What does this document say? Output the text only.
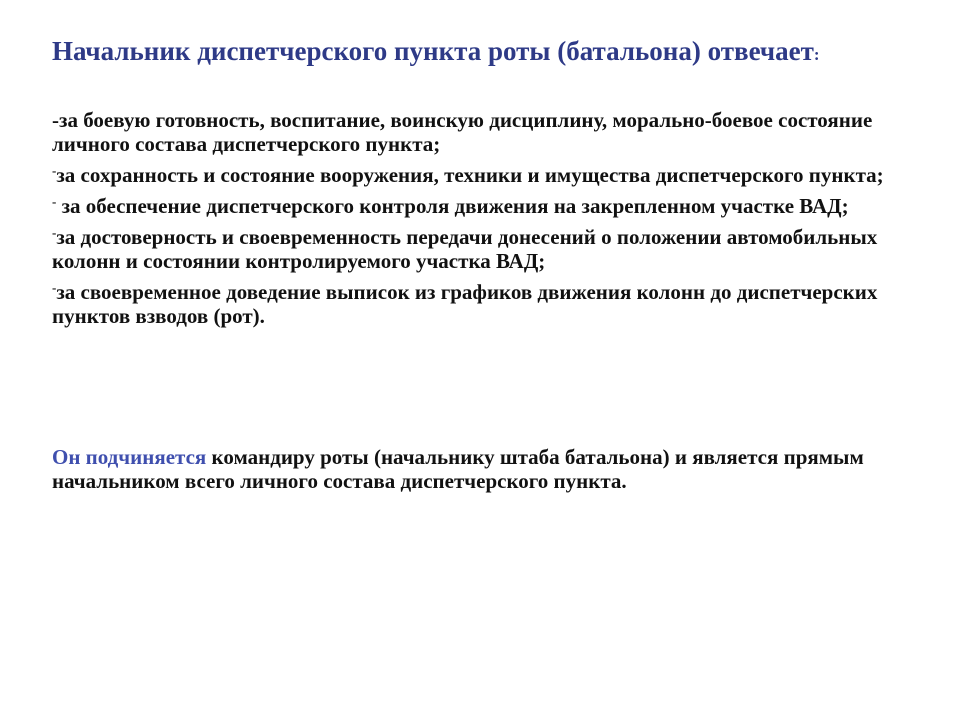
Начальник диспетчерского пункта роты (батальона) отвечает:
-за боевую готовность, воспитание, воинскую дисциплину, морально-боевое состояние личного состава диспетчерского пункта;
-за сохранность и состояние вооружения, техники и имущества диспетчерского пункта;
- за обеспечение диспетчерского контроля движения на закрепленном участке ВАД;
-за достоверность и своевременность передачи донесений о положении автомобильных колонн и состоянии контролируемого участка ВАД;
-за своевременное доведение выписок из графиков движения колонн до диспетчерских пунктов взводов (рот).

Он подчиняется командиру роты (начальнику штаба батальона) и является прямым начальником всего личного состава диспетчерского пункта.
